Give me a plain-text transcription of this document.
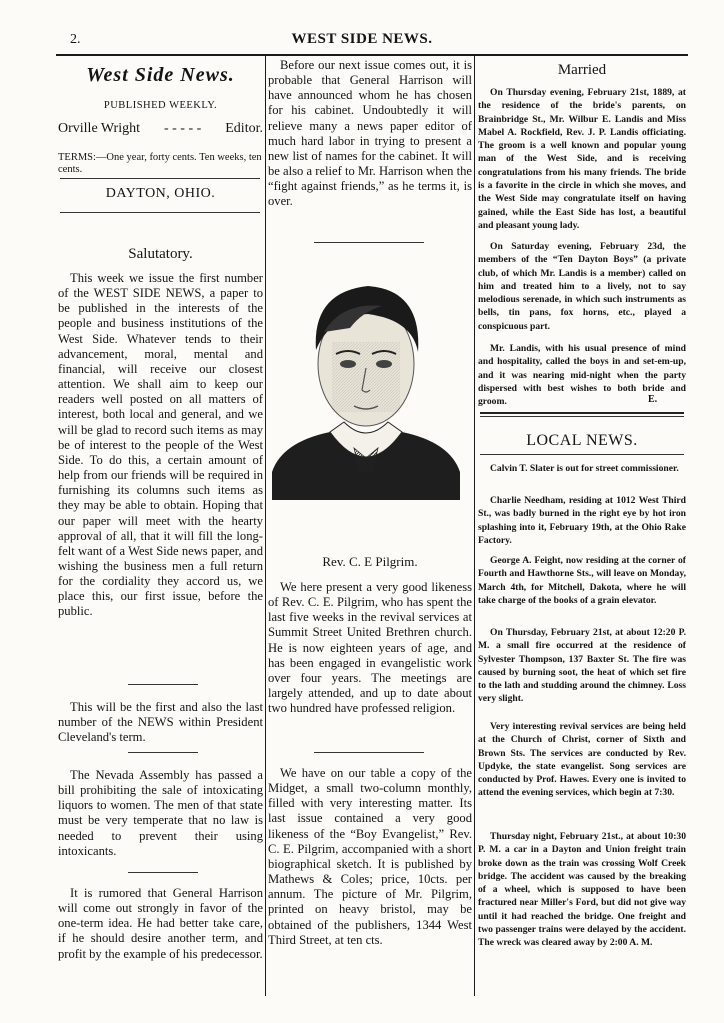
2.	WEST SIDE NEWS.
West Side News.
PUBLISHED WEEKLY.
Orville Wright - - - - - Editor.
TERMS:—One year, forty cents. Ten weeks, ten cents.
DAYTON, OHIO.
Salutatory.

This week we issue the first number of the WEST SIDE NEWS, a paper to be published in the interests of the people and business institutions of the West Side. Whatever tends to their advancement, moral, mental and financial, will receive our closest attention. We shall aim to keep our readers well posted on all matters of interest, both local and general, and we will be glad to record such items as may be of interest to the people of the West Side. To do this, a certain amount of help from our friends will be required in furnishing its columns such items as they may be able to obtain. Hoping that our paper will meet with the hearty approval of all, that it will fill the long-felt want of a West Side news paper, and wishing the business men a full return for the cordiality they accord us, we place this, our first issue, before the public.

This will be the first and also the last number of the NEWS within President Cleveland's term.

The Nevada Assembly has passed a bill prohibiting the sale of intoxicating liquors to women. The men of that state must be very temperate that no law is needed to prevent their using intoxicants.

It is rumored that General Harrison will come out strongly in favor of the one-term idea. He had better take care, if he should desire another term, and profit by the example of his predecessor.

Before our next issue comes out, it is probable that General Harrison will have announced whom he has chosen for his cabinet. Undoubtedly it will relieve many a news paper editor of much hard labor in trying to present a new list of names for the cabinet. It will be also a relief to Mr. Harrison when the “fight against friends,” as he terms it, is over.

Rev. C. E Pilgrim.

We here present a very good likeness of Rev. C. E. Pilgrim, who has spent the last five weeks in the revival services at Summit Street United Brethren church. He is now eighteen years of age, and has been engaged in evangelistic work over four years. The meetings are largely attended, and up to date about two hundred have professed religion.

We have on our table a copy of the Midget, a small two-column monthly, filled with very interesting matter. Its last issue contained a very good likeness of the “Boy Evangelist,” Rev. C. E. Pilgrim, accompanied with a short biographical sketch. It is published by Mathews & Coles; price, 10cts. per annum. The picture of Mr. Pilgrim, printed on heavy bristol, may be obtained of the publishers, 1344 West Third Street, at ten cts.

Married

On Thursday evening, February 21st, 1889, at the residence of the bride's parents, on Brainbridge St., Mr. Wilbur E. Landis and Miss Mabel A. Rockfield, Rev. J. P. Landis officiating. The groom is a well known and popular young man of the West Side, and is receiving congratulations from his many friends. The bride is a favorite in the circle in which she moves, and the West Side may congratulate itself on having gained, while the East Side has lost, a beautiful and pleasant young lady.

On Saturday evening, February 23d, the members of the “Ten Dayton Boys” (a private club, of which Mr. Landis is a member) called on him and treated him to a lively, not to say melodious serenade, in which such instruments as bells, tin pans, fox horns, etc., played a conspicuous part.

Mr. Landis, with his usual presence of mind and hospitality, called the boys in and set-em-up, and it was nearing mid-night when the party dispersed with best wishes to both bride and groom.	E.
LOCAL NEWS.

Calvin T. Slater is out for street commissioner.

Charlie Needham, residing at 1012 West Third St., was badly burned in the right eye by hot iron splashing into it, February 19th, at the Ohio Rake Factory.

George A. Feight, now residing at the corner of Fourth and Hawthorne Sts., will leave on Monday, March 4th, for Mitchell, Dakota, where he will take charge of the books of a grain elevator.

On Thursday, February 21st, at about 12:20 P. M. a small fire occurred at the residence of Sylvester Thompson, 137 Baxter St. The fire was caused by burning soot, the heat of which set fire to the lath and studding around the chimney. Loss very slight.

Very interesting revival services are being held at the Church of Christ, corner of Sixth and Brown Sts. The services are conducted by Rev. Updyke, the state evangelist. Song services are conducted by Prof. Hawes. Every one is invited to attend the evening services, which begin at 7:30.

Thursday night, February 21st., at about 10:30 P. M. a car in a Dayton and Union freight train broke down as the train was crossing Wolf Creek bridge. The accident was caused by the breaking of a wheel, which is supposed to have been fractured near Miller's Ford, but did not give way until it had reached the bridge. One freight and two passenger trains were delayed by the accident. The wreck was cleared away by 2:00 A. M.
